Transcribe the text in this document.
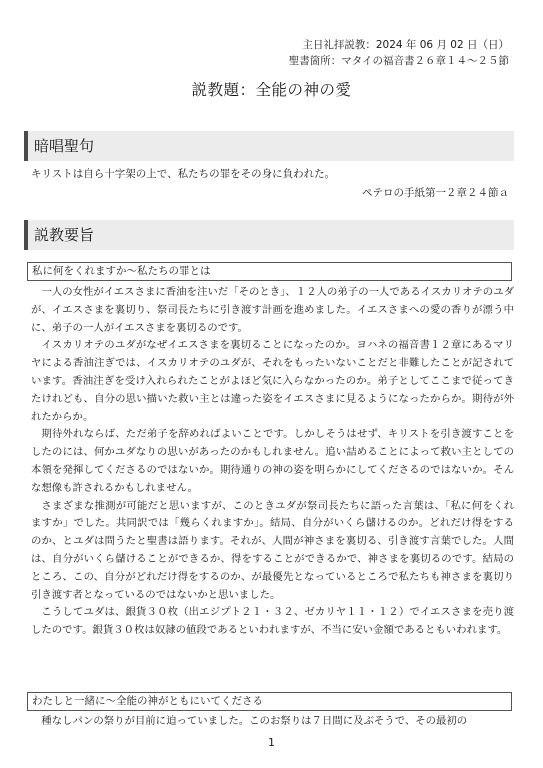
主日礼拝説教：2024 年 06 月 02 日（日）
聖書箇所：マタイの福音書２６章１４～２５節
説教題：全能の神の愛
暗唱聖句
キリストは自ら十字架の上で、私たちの罪をその身に負われた。
ペテロの手紙第一２章２４節ａ
説教要旨
私に何をくれますか～私たちの罪とは

一人の女性がイエスさまに香油を注いだ「そのとき」、１２人の弟子の一人であるイスカリオテのユダが、イエスさまを裏切り、祭司長たちに引き渡す計画を進めました。イエスさまへの愛の香りが漂う中に、弟子の一人がイエスさまを裏切るのです。

イスカリオテのユダがなぜイエスさまを裏切ることになったのか。ヨハネの福音書１２章にあるマリヤによる香油注ぎでは、イスカリオテのユダが、それをもったいないことだと非難したことが記されています。香油注ぎを受け入れられたことがよほど気に入らなかったのか。弟子としてここまで従ってきたけれども、自分の思い描いた救い主とは違った姿をイエスさまに見るようになったからか。期待が外れたからか。

期待外れならば、ただ弟子を辞めればよいことです。しかしそうはせず、キリストを引き渡すことをしたのには、何かユダなりの思いがあったのかもしれません。追い詰めることによって救い主としての本領を発揮してくださるのではないか。期待通りの神の姿を明らかにしてくださるのではないか。そんな想像も許されるかもしれません。

さまざまな推測が可能だと思いますが、このときユダが祭司長たちに語った言葉は、「私に何をくれますか」でした。共同訳では「幾らくれますか」。結局、自分がいくら儲けるのか。どれだけ得をするのか、とユダは問うたと聖書は語ります。それが、人間が神さまを裏切る、引き渡す言葉でした。人間は、自分がいくら儲けることができるか、得をすることができるかで、神さまを裏切るのです。結局のところ、この、自分がどれだけ得をするのか、が最優先となっているところで私たちも神さまを裏切り引き渡す者となっているのではないかと思いました。

こうしてユダは、銀貨３０枚（出エジプト２１・３２、ゼカリヤ１１・１２）でイエスさまを売り渡したのです。銀貨３０枚は奴隷の値段であるといわれますが、不当に安い金額であるともいわれます。

わたしと一緒に～全能の神がともにいてくださる

種なしパンの祭りが目前に迫っていました。このお祭りは７日間に及ぶそうで、その最初の

1
